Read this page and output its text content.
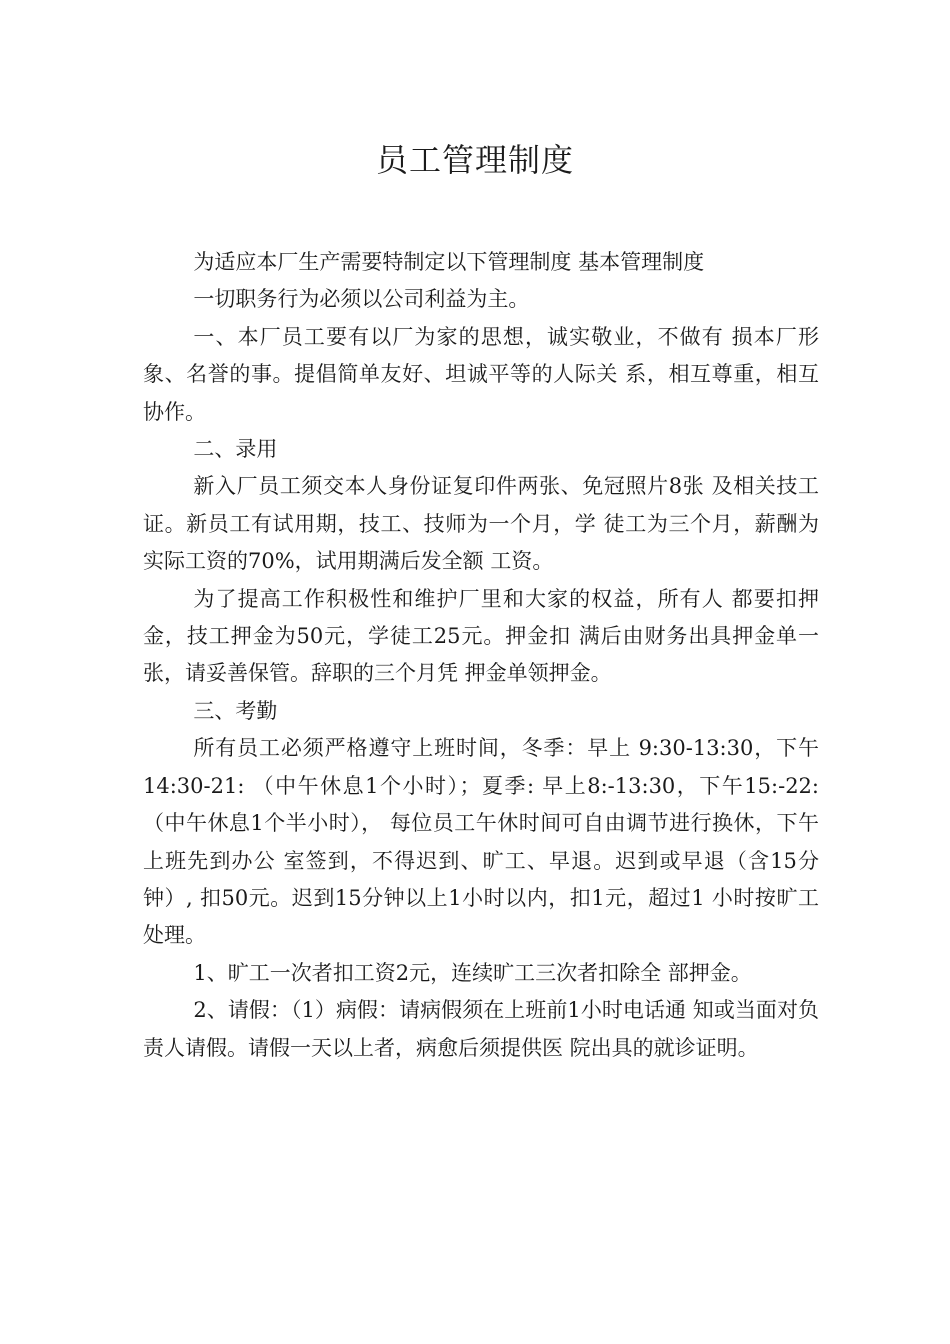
员工管理制度

为适应本厂生产需要特制定以下管理制度 基本管理制度

一切职务行为必须以公司利益为主。

一、本厂员工要有以厂为家的思想，诚实敬业，不做有 损本厂形象、名誉的事。提倡简单友好、坦诚平等的人际关 系，相互尊重，相互协作。

二、录用

新入厂员工须交本人身份证复印件两张、免冠照片8张 及相关技工证。新员工有试用期，技工、技师为一个月，学 徒工为三个月，薪酬为实际工资的70%，试用期满后发全额 工资。

为了提高工作积极性和维护厂里和大家的权益，所有人 都要扣押金，技工押金为50元，学徒工25元。押金扣 满后由财务出具押金单一张，请妥善保管。辞职的三个月凭 押金单领押金。

三、考勤

所有员工必须严格遵守上班时间，冬季：早上 9:30-13:30，下午14:30-21: （中午休息1个小时）；夏季: 早上8:-13:30，下午15:-22: （中午休息1个半小时）， 每位员工午休时间可自由调节进行换休，下午上班先到办公 室签到，不得迟到、旷工、早退。迟到或早退（含15分钟）, 扣50元。迟到15分钟以上1小时以内，扣1元，超过1 小时按旷工处理。

1、旷工一次者扣工资2元，连续旷工三次者扣除全 部押金。

2、请假：（1）病假：请病假须在上班前1小时电话通 知或当面对负责人请假。请假一天以上者，病愈后须提供医 院出具的就诊证明。
